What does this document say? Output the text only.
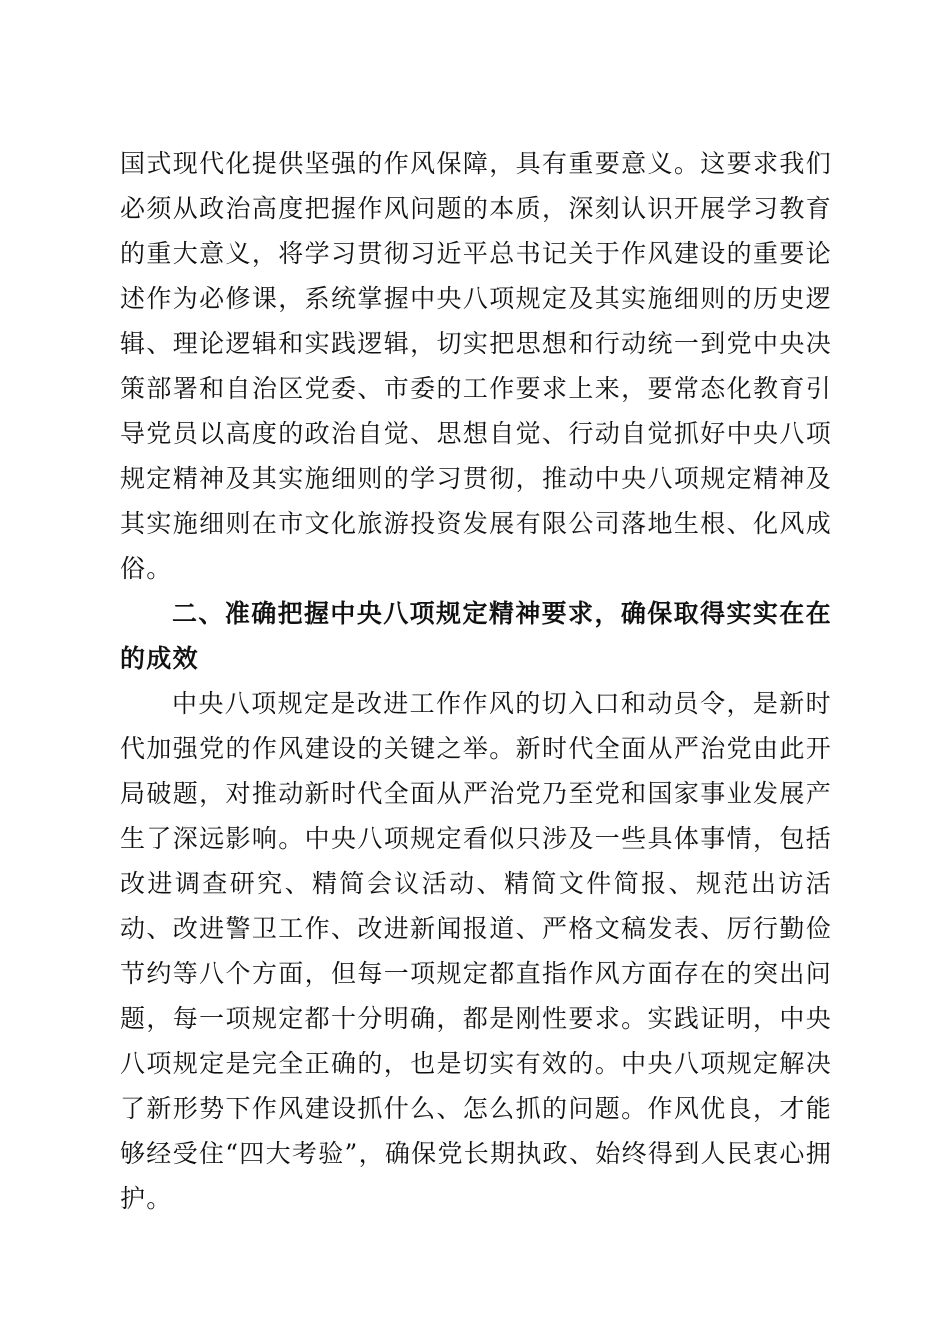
国式现代化提供坚强的作风保障，具有重要意义。这要求我们必须从政治高度把握作风问题的本质，深刻认识开展学习教育的重大意义，将学习贯彻习近平总书记关于作风建设的重要论述作为必修课，系统掌握中央八项规定及其实施细则的历史逻辑、理论逻辑和实践逻辑，切实把思想和行动统一到党中央决策部署和自治区党委、市委的工作要求上来，要常态化教育引导党员以高度的政治自觉、思想自觉、行动自觉抓好中央八项规定精神及其实施细则的学习贯彻，推动中央八项规定精神及其实施细则在市文化旅游投资发展有限公司落地生根、化风成俗。

二、准确把握中央八项规定精神要求，确保取得实实在在的成效

中央八项规定是改进工作作风的切入口和动员令，是新时代加强党的作风建设的关键之举。新时代全面从严治党由此开局破题，对推动新时代全面从严治党乃至党和国家事业发展产生了深远影响。中央八项规定看似只涉及一些具体事情，包括改进调查研究、精简会议活动、精简文件简报、规范出访活动、改进警卫工作、改进新闻报道、严格文稿发表、厉行勤俭节约等八个方面，但每一项规定都直指作风方面存在的突出问题，每一项规定都十分明确，都是刚性要求。实践证明，中央八项规定是完全正确的，也是切实有效的。中央八项规定解决了新形势下作风建设抓什么、怎么抓的问题。作风优良，才能够经受住“四大考验”，确保党长期执政、始终得到人民衷心拥护。
